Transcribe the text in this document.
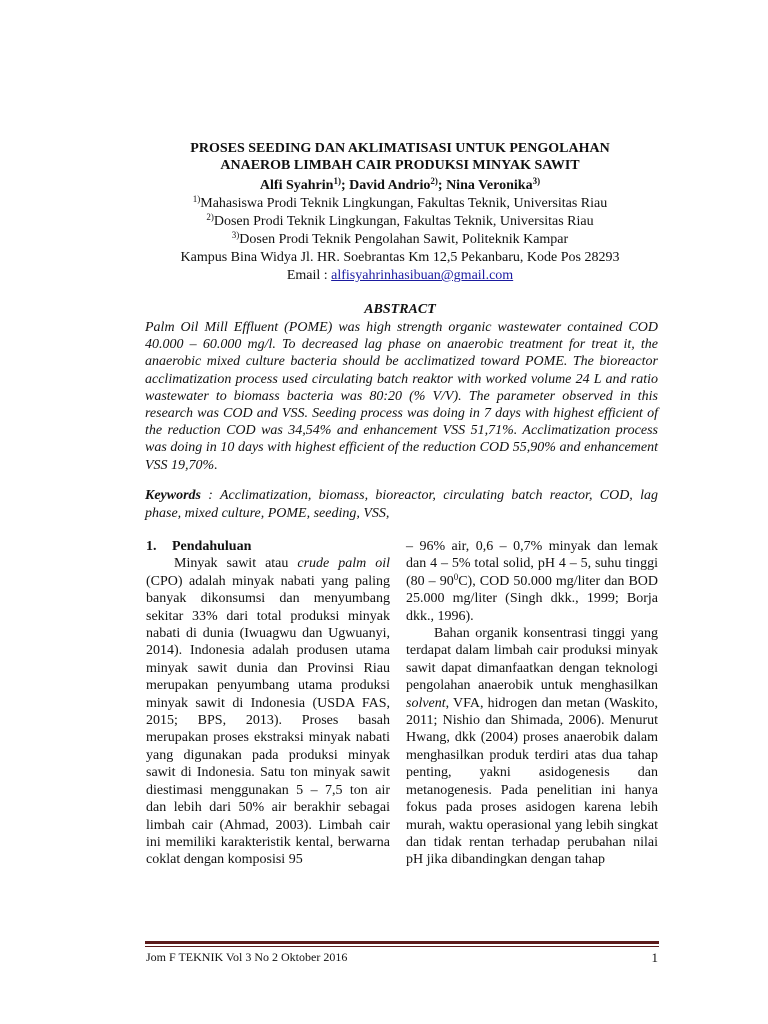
PROSES SEEDING DAN AKLIMATISASI UNTUK PENGOLAHAN
ANAEROB LIMBAH CAIR PRODUKSI MINYAK SAWIT
Alfi Syahrin$^{1)}$; David Andrio$^{2)}$; Nina Veronika$^{3)}$
$^{1)}$Mahasiswa Prodi Teknik Lingkungan, Fakultas Teknik, Universitas Riau
$^{2)}$Dosen Prodi Teknik Lingkungan, Fakultas Teknik, Universitas Riau
$^{3)}$Dosen Prodi Teknik Pengolahan Sawit, Politeknik Kampar
Kampus Bina Widya Jl. HR. Soebrantas Km 12,5 Pekanbaru, Kode Pos 28293
Email : alfisyahrinhasibuan@gmail.com
ABSTRACT
Palm Oil Mill Effluent (POME) was high strength organic wastewater contained COD 40.000 – 60.000 mg/l. To decreased lag phase on anaerobic treatment for treat it, the anaerobic mixed culture bacteria should be acclimatized toward POME. The bioreactor acclimatization process used circulating batch reaktor with worked volume 24 L and ratio wastewater to biomass bacteria was 80:20 (% V/V). The parameter observed in this research was COD and VSS. Seeding process was doing in 7 days with highest efficient of the reduction COD was 34,54% and enhancement VSS 51,71%. Acclimatization process was doing in 10 days with highest efficient of the reduction COD 55,90% and enhancement VSS 19,70%.
Keywords : Acclimatization, biomass, bioreactor, circulating batch reactor, COD, lag phase, mixed culture, POME, seeding, VSS,
1. Pendahuluan

Minyak sawit atau crude palm oil (CPO) adalah minyak nabati yang paling banyak dikonsumsi dan menyumbang sekitar 33% dari total produksi minyak nabati di dunia (Iwuagwu dan Ugwuanyi, 2014). Indonesia adalah produsen utama minyak sawit dunia dan Provinsi Riau merupakan penyumbang utama produksi minyak sawit di Indonesia (USDA FAS, 2015; BPS, 2013). Proses basah merupakan proses ekstraksi minyak nabati yang digunakan pada produksi minyak sawit di Indonesia. Satu ton minyak sawit diestimasi menggunakan 5 – 7,5 ton air dan lebih dari 50% air berakhir sebagai limbah cair (Ahmad, 2003). Limbah cair ini memiliki karakteristik kental, berwarna coklat dengan komposisi 95

– 96% air, 0,6 – 0,7% minyak dan lemak dan 4 – 5% total solid, pH 4 – 5, suhu tinggi $(80 - 90^0C)$, COD 50.000 mg/liter dan BOD 25.000 mg/liter (Singh dkk., 1999; Borja dkk., 1996).

Bahan organik konsentrasi tinggi yang terdapat dalam limbah cair produksi minyak sawit dapat dimanfaatkan dengan teknologi pengolahan anaerobik untuk menghasilkan solvent, VFA, hidrogen dan metan (Waskito, 2011; Nishio dan Shimada, 2006). Menurut Hwang, dkk (2004) proses anaerobik dalam menghasilkan produk terdiri atas dua tahap penting, yakni asidogenesis dan metanogenesis. Pada penelitian ini hanya fokus pada proses asidogen karena lebih murah, waktu operasional yang lebih singkat dan tidak rentan terhadap perubahan nilai pH jika dibandingkan dengan tahap

Jom F TEKNIK Vol 3 No 2 Oktober 2016	1
